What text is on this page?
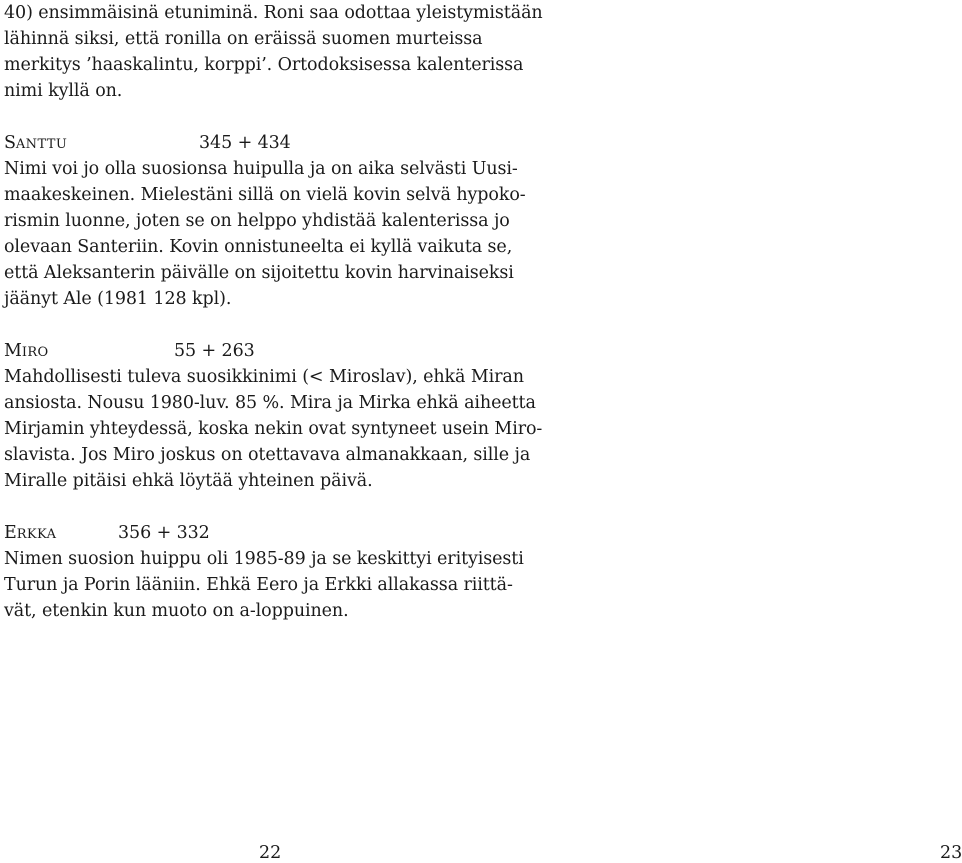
40) ensimmäisinä etuniminä. Roni saa odottaa yleistymistään
lähinnä siksi, että ronilla on eräissä suomen murteissa
merkitys ’haaskalintu, korppi’. Ortodoksisessa kalenterissa
nimi kyllä on.
SANTTU	345 + 434
Nimi voi jo olla suosionsa huipulla ja on aika selvästi Uusi-
maakeskeinen. Mielestäni sillä on vielä kovin selvä hypoko-
rismin luonne, joten se on helppo yhdistää kalenterissa jo
olevaan Santeriin. Kovin onnistuneelta ei kyllä vaikuta se,
että Aleksanterin päivälle on sijoitettu kovin harvinaiseksi
jäänyt Ale (1981 128 kpl).
MIRO	55 + 263
Mahdollisesti tuleva suosikkinimi (< Miroslav), ehkä Miran
ansiosta. Nousu 1980-luv. 85 %. Mira ja Mirka ehkä aiheetta
Mirjamin yhteydessä, koska nekin ovat syntyneet usein Miro-
slavista. Jos Miro joskus on otettavava almanakkaan, sille ja
Miralle pitäisi ehkä löytää yhteinen päivä.
ERKKA	356 + 332
Nimen suosion huippu oli 1985-89 ja se keskittyi erityisesti
Turun ja Porin lääniin. Ehkä Eero ja Erkki allakassa riittä-
vät, etenkin kun muoto on a-loppuinen.
22	23
